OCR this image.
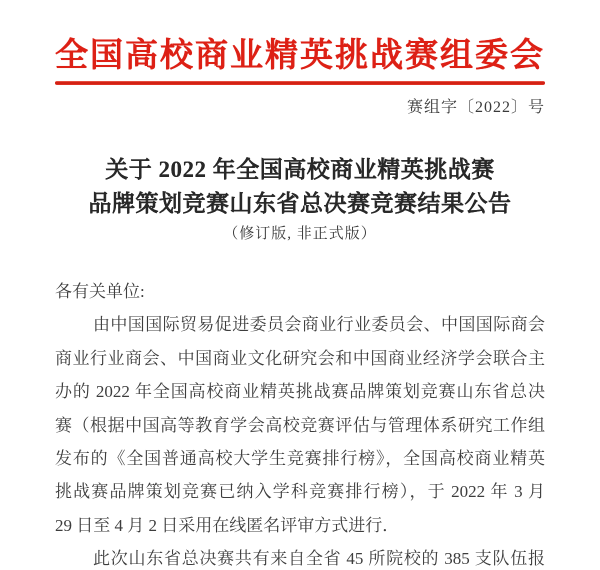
全国高校商业精英挑战赛组委会
赛组字〔2022〕号
关于 2022 年全国高校商业精英挑战赛
品牌策划竞赛山东省总决赛竞赛结果公告
（修订版, 非正式版）
各有关单位:
由中国国际贸易促进委员会商业行业委员会、中国国际商会
商业行业商会、中国商业文化研究会和中国商业经济学会联合主
办的 2022 年全国高校商业精英挑战赛品牌策划竞赛山东省总决
赛（根据中国高等教育学会高校竞赛评估与管理体系研究工作组
发布的《全国普通高校大学生竞赛排行榜》，全国高校商业精英
挑战赛品牌策划竞赛已纳入学科竞赛排行榜），于 2022 年 3 月
29 日至 4 月 2 日采用在线匿名评审方式进行．
此次山东省总决赛共有来自全省 45 所院校的 385 支队伍报
